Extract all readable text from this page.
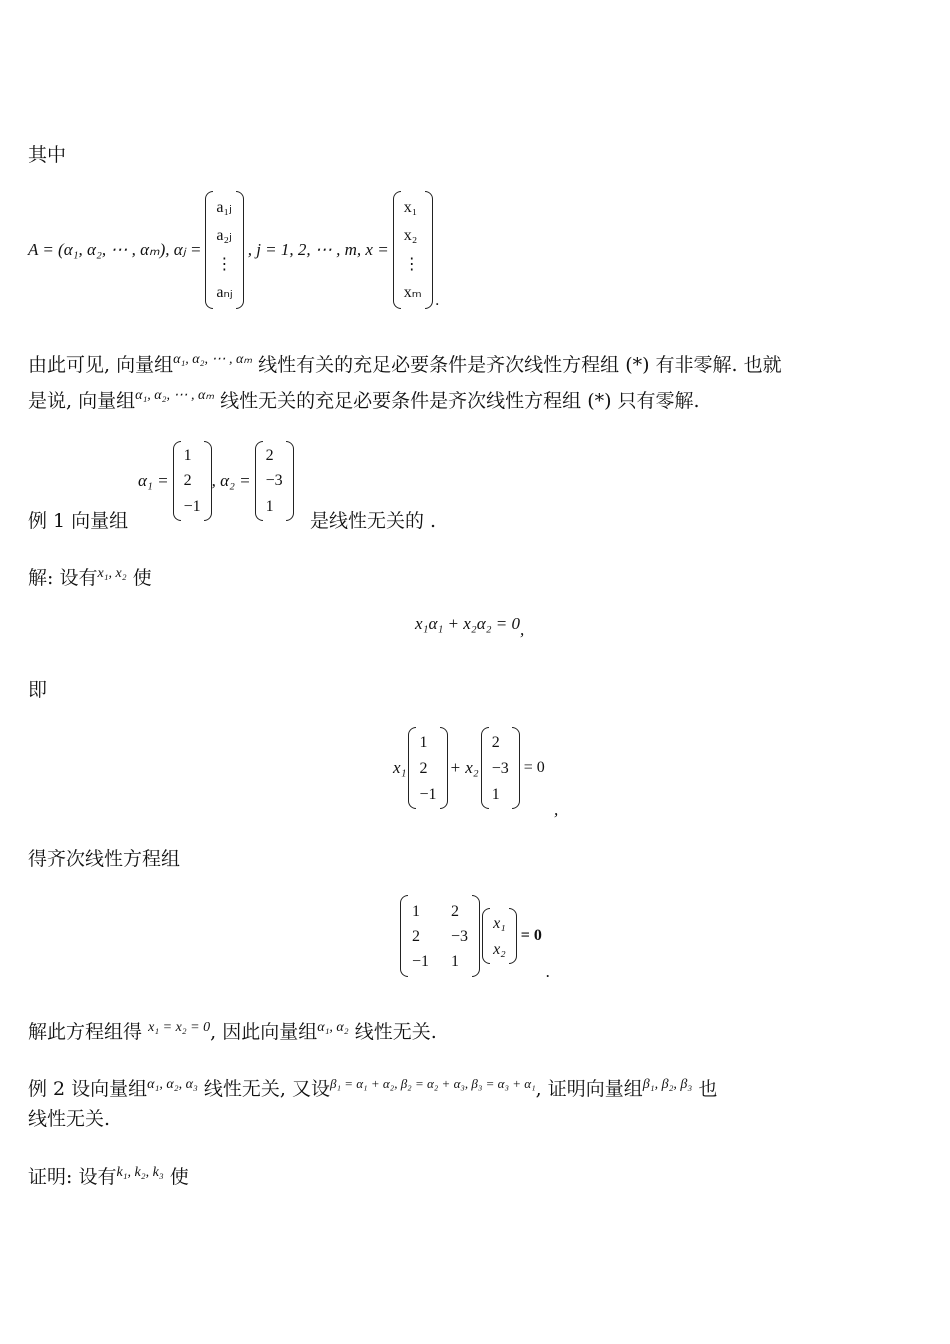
其中
A = (α₁, α₂, ⋯ , αₘ), αⱼ =
a₁ⱼ
a₂ⱼ
⋮
aₙⱼ
, j = 1, 2, ⋯ , m, x =
x₁
x₂
⋮
xₘ .
由此可见, 向量组$^{\alpha_1, \alpha_2, \cdots , \alpha_m}$ 线性有关的充足必要条件是齐次线性方程组 (*) 有非零解. 也就
是说, 向量组$^{\alpha_1, \alpha_2, \cdots , \alpha_m}$ 线性无关的充足必要条件是齐次线性方程组 (*) 只有零解.
例 1 向量组
α₁ =
1
2
−1
, α₂ =
2
−3
1
是线性无关的 .
解: 设有$^{x_1, x_2}$ 使
x₁α₁ + x₂α₂ = 0,
即
x₁
1
2
−1
+ x₂
2
−3
1
= 0
,
得齐次线性方程组
1	2
2	−3
−1 1
x₁
x₂
= 0
.
解此方程组得 $^{x_1 = x_2 = 0}$, 因此向量组$^{\alpha_1, \alpha_2}$ 线性无关.
例 2 设向量组$^{\alpha_1, \alpha_2, \alpha_3}$ 线性无关, 又设$^{\beta_1 = \alpha_1 + \alpha_2, \beta_2 = \alpha_2 + \alpha_3, \beta_3 = \alpha_3 + \alpha_1}$, 证明向量组$^{\beta_1, \beta_2, \beta_3}$ 也
线性无关.
证明: 设有$^{k_1, k_2, k_3}$ 使
